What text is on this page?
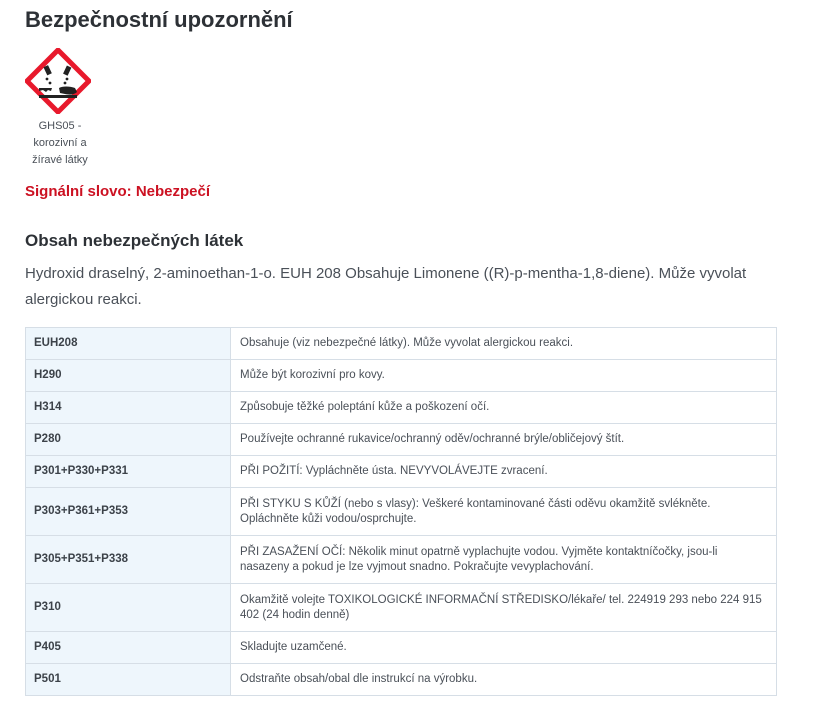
Bezpečnostní upozornění
GHS05 -
korozivní a
žíravé látky
Signální slovo: Nebezpečí
Obsah nebezpečných látek

Hydroxid draselný, 2-aminoethan-1-o. EUH 208 Obsahuje Limonene ((R)-p-mentha-1,8-diene). Může vyvolat alergickou reakci.

EUH208	Obsahuje (viz nebezpečné látky). Může vyvolat alergickou reakci.
H290	Může být korozivní pro kovy.
H314	Způsobuje těžké poleptání kůže a poškození očí.
P280	Používejte ochranné rukavice/ochranný oděv/ochranné brýle/obličejový štít.
P301+P330+P331	PŘI POŽITÍ: Vypláchněte ústa. NEVYVOLÁVEJTE zvracení.
P303+P361+P353	PŘI STYKU S KŮŽÍ (nebo s vlasy): Veškeré kontaminované části oděvu okamžitě svlékněte. Opláchněte kůži vodou/osprchujte.
P305+P351+P338	PŘI ZASAŽENÍ OČÍ: Několik minut opatrně vyplachujte vodou. Vyjměte kontaktníčočky, jsou-li nasazeny a pokud je lze vyjmout snadno. Pokračujte vevyplachování.
P310	Okamžitě volejte TOXIKOLOGICKÉ INFORMAČNÍ STŘEDISKO/lékaře/ tel. 224919 293 nebo 224 915 402 (24 hodin denně)
P405	Skladujte uzamčené.
P501	Odstraňte obsah/obal dle instrukcí na výrobku.
